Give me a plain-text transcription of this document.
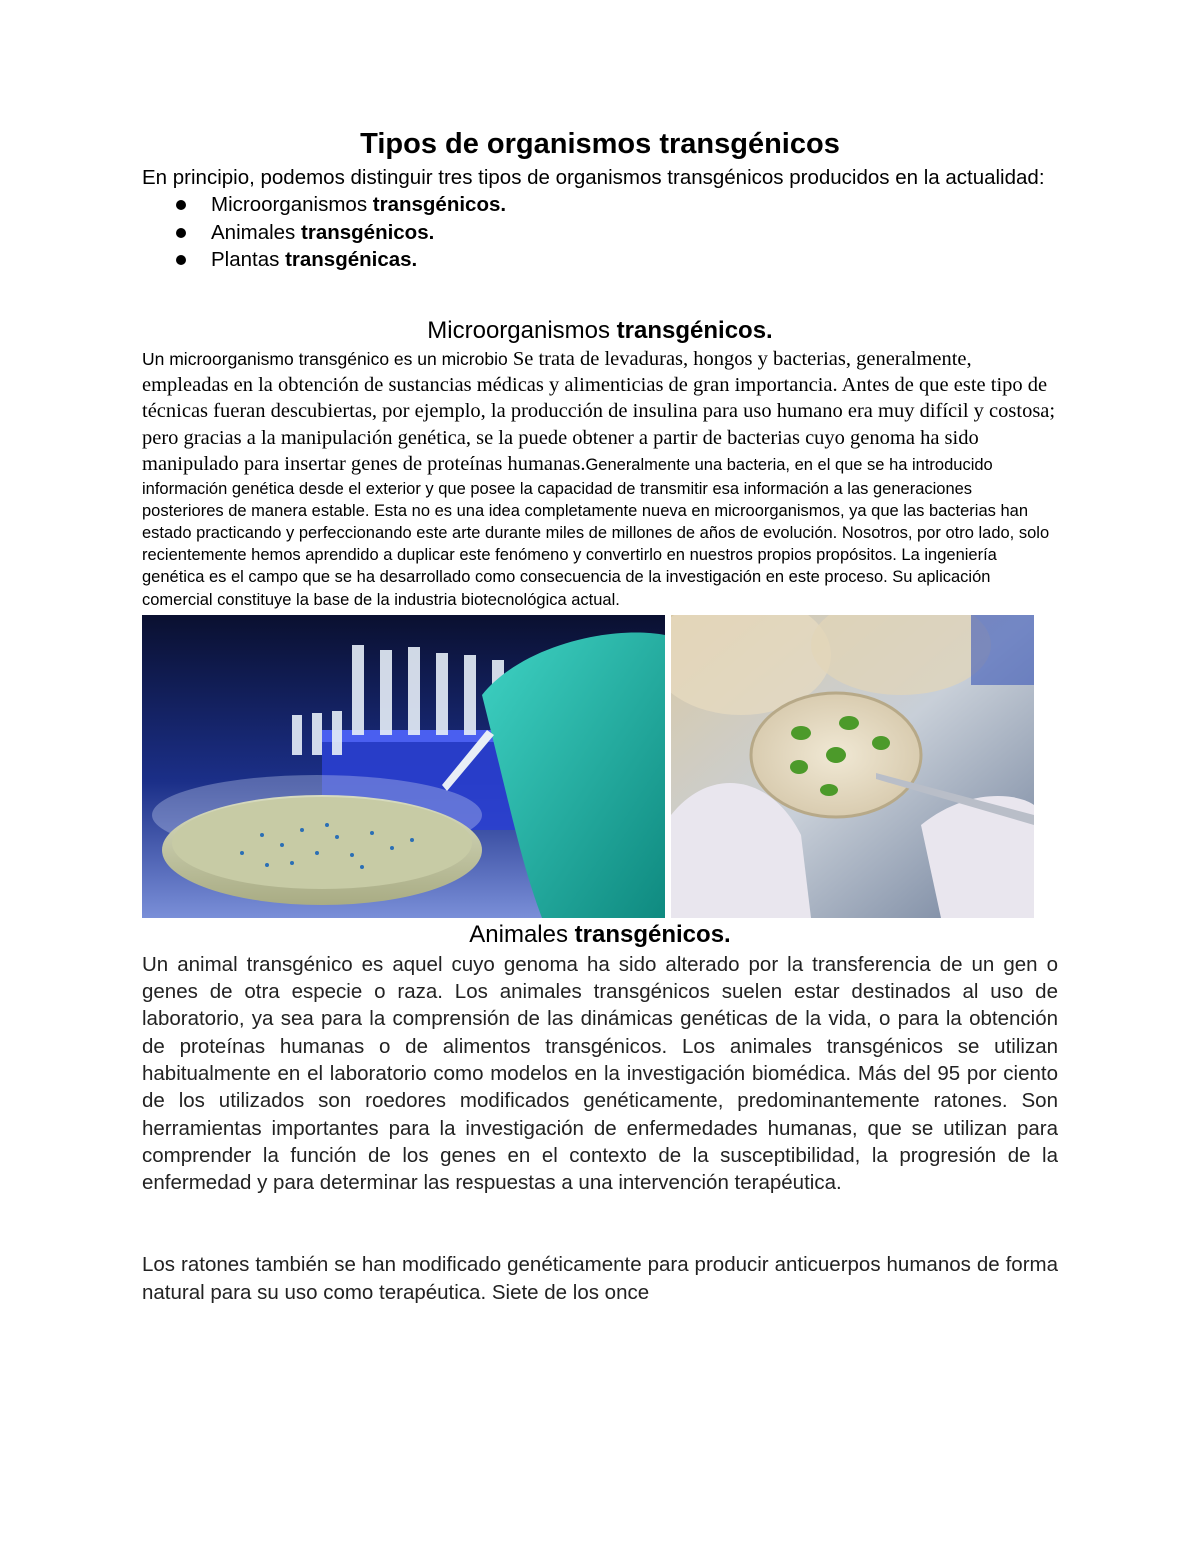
Tipos de organismos transgénicos

En principio, podemos distinguir tres tipos de organismos transgénicos producidos en la actualidad:

Microorganismos transgénicos.
Animales transgénicos.
Plantas transgénicas.
Microorganismos transgénicos.

Un microorganismo transgénico es un microbio Se trata de levaduras, hongos y bacterias, generalmente, empleadas en la obtención de sustancias médicas y alimenticias de gran importancia. Antes de que este tipo de técnicas fueran descubiertas, por ejemplo, la producción de insulina para uso humano era muy difícil y costosa; pero gracias a la manipulación genética, se la puede obtener a partir de bacterias cuyo genoma ha sido manipulado para insertar genes de proteínas humanas.Generalmente una bacteria, en el que se ha introducido información genética desde el exterior y que posee la capacidad de transmitir esa información a las generaciones posteriores de manera estable. Esta no es una idea completamente nueva en microorganismos, ya que las bacterias han estado practicando y perfeccionando este arte durante miles de millones de años de evolución. Nosotros, por otro lado, solo recientemente hemos aprendido a duplicar este fenómeno y convertirlo en nuestros propios propósitos. La ingeniería genética es el campo que se ha desarrollado como consecuencia de la investigación en este proceso. Su aplicación comercial constituye la base de la industria biotecnológica actual.

Animales transgénicos.

Un animal transgénico es aquel cuyo genoma ha sido alterado por la transferencia de un gen o genes de otra especie o raza. Los animales transgénicos suelen estar destinados al uso de laboratorio, ya sea para la comprensión de las dinámicas genéticas de la vida, o para la obtención de proteínas humanas o de alimentos transgénicos. Los animales transgénicos se utilizan habitualmente en el laboratorio como modelos en la investigación biomédica. Más del 95 por ciento de los utilizados son roedores modificados genéticamente, predominantemente ratones. Son herramientas importantes para la investigación de enfermedades humanas, que se utilizan para comprender la función de los genes en el contexto de la susceptibilidad, la progresión de la enfermedad y para determinar las respuestas a una intervención terapéutica.

Los ratones también se han modificado genéticamente para producir anticuerpos humanos de forma natural para su uso como terapéutica. Siete de los once
